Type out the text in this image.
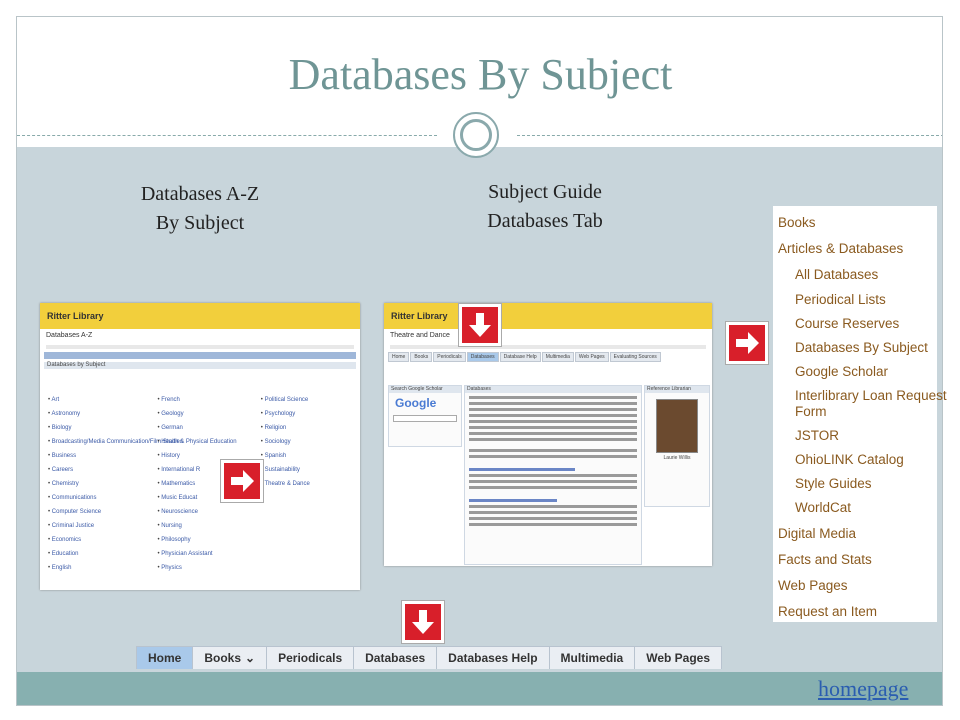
Databases By Subject
Databases A-Z
By Subject
Subject Guide
Databases Tab
Ritter Library
Databases A-Z
Databases by Subject
• Art
• Astronomy
• Biology
• Broadcasting/Media Communication/Film Studies
• Business
• Careers
• Chemistry
• Communications
• Computer Science
• Criminal Justice
• Economics
• Education
• English
• French
• Geology
• German
• Health & Physical Education
• History
• International R
• Mathematics
• Music Educat
• Neuroscience
• Nursing
• Philosophy
• Physician Assistant
• Physics
• Political Science
• Psychology
• Religion
• Sociology
• Spanish
• Sustainability
• Theatre & Dance
Ritter Library
Theatre and Dance
Home	Books	Periodicals	Databases	Database Help	Multimedia	Web Pages	Evaluating Sources
Search Google Scholar
Google
Databases	Reference Librarian
Laurie Willis
Books
Articles & Databases
All Databases
Periodical Lists
Course Reserves
Databases By Subject
Google Scholar
Interlibrary Loan Request
Form
JSTOR
OhioLINK Catalog
Style Guides
WorldCat
Digital Media
Facts and Stats
Web Pages
Request an Item
Home	Books ⌄	Periodicals	Databases	Databases Help	Multimedia	Web Pages
homepage
